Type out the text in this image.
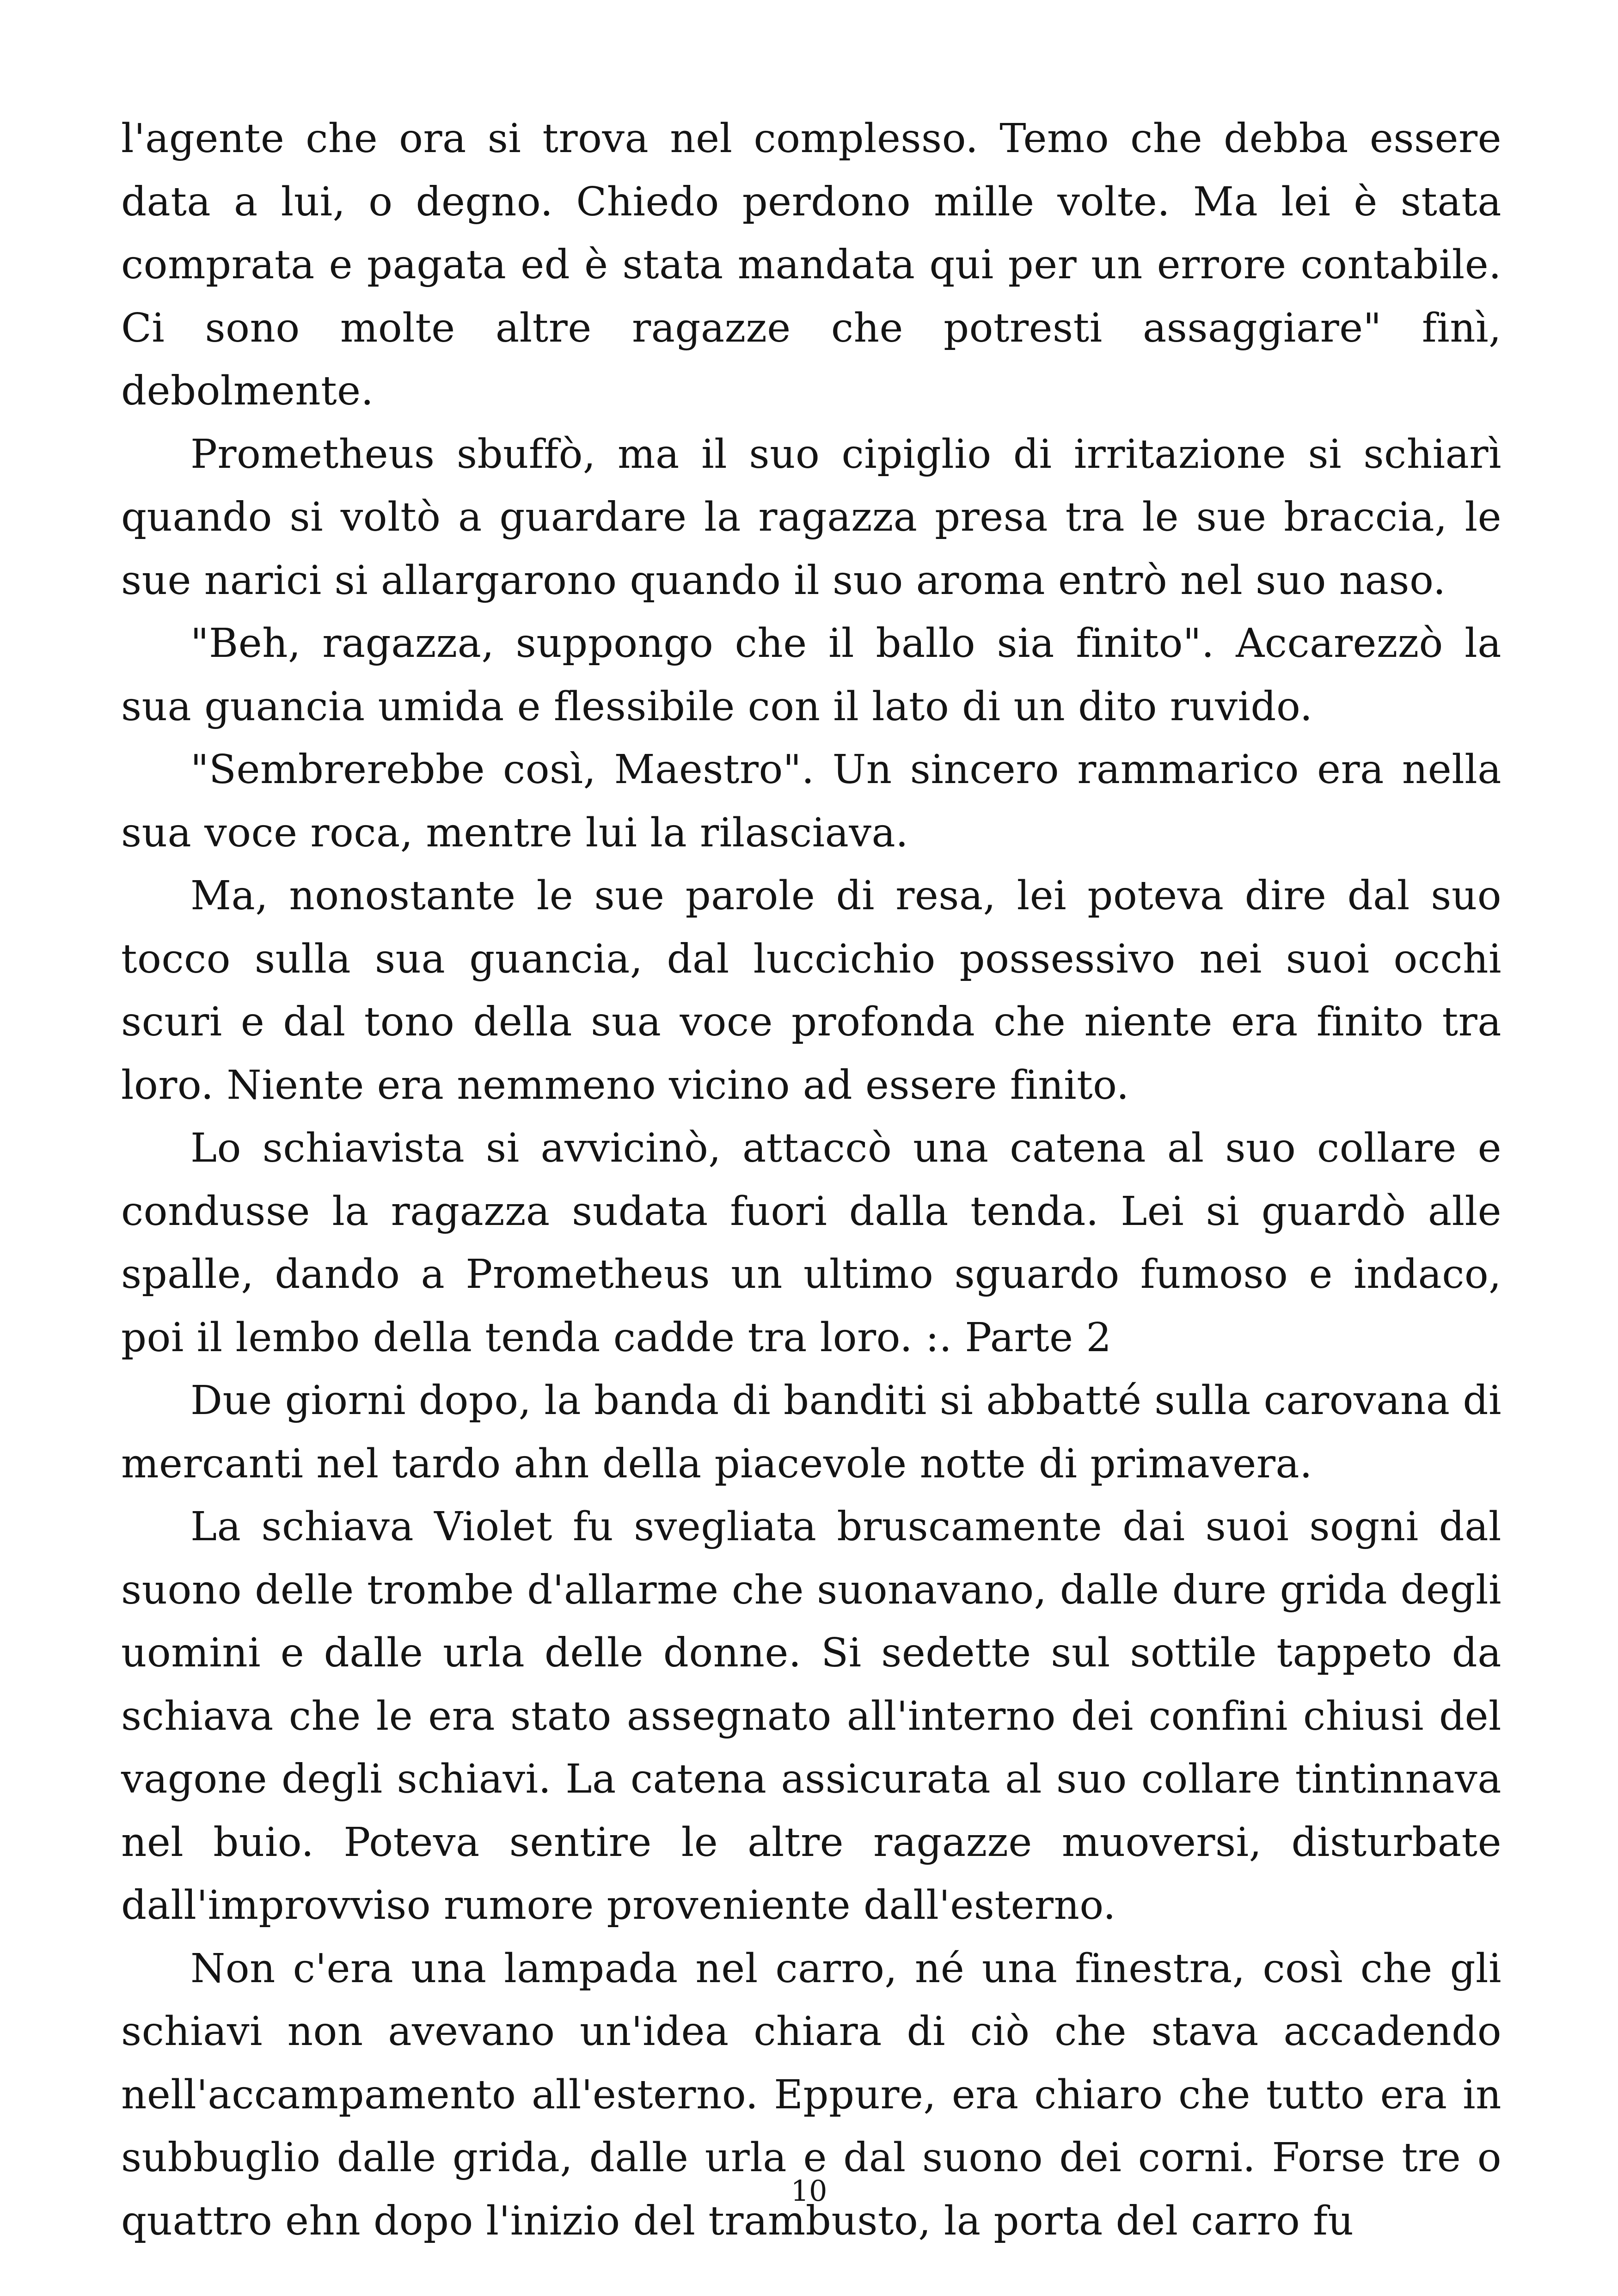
l'agente che ora si trova nel complesso. Temo che debba essere data a lui, o degno. Chiedo perdono mille volte. Ma lei è stata comprata e pagata ed è stata mandata qui per un errore contabile. Ci sono molte altre ragazze che potresti assaggiare" finì, debolmente.

Prometheus sbuffò, ma il suo cipiglio di irritazione si schiarì quando si voltò a guardare la ragazza presa tra le sue braccia, le sue narici si allargarono quando il suo aroma entrò nel suo naso.

"Beh, ragazza, suppongo che il ballo sia finito". Accarezzò la sua guancia umida e flessibile con il lato di un dito ruvido.

"Sembrerebbe così, Maestro". Un sincero rammarico era nella sua voce roca, mentre lui la rilasciava.

Ma, nonostante le sue parole di resa, lei poteva dire dal suo tocco sulla sua guancia, dal luccichio possessivo nei suoi occhi scuri e dal tono della sua voce profonda che niente era finito tra loro. Niente era nemmeno vicino ad essere finito.

Lo schiavista si avvicinò, attaccò una catena al suo collare e condusse la ragazza sudata fuori dalla tenda. Lei si guardò alle spalle, dando a Prometheus un ultimo sguardo fumoso e indaco, poi il lembo della tenda cadde tra loro. :. Parte 2

Due giorni dopo, la banda di banditi si abbatté sulla carovana di mercanti nel tardo ahn della piacevole notte di primavera.

La schiava Violet fu svegliata bruscamente dai suoi sogni dal suono delle trombe d'allarme che suonavano, dalle dure grida degli uomini e dalle urla delle donne. Si sedette sul sottile tappeto da schiava che le era stato assegnato all'interno dei confini chiusi del vagone degli schiavi. La catena assicurata al suo collare tintinnava nel buio. Poteva sentire le altre ragazze muoversi, disturbate dall'improvviso rumore proveniente dall'esterno.

Non c'era una lampada nel carro, né una finestra, così che gli schiavi non avevano un'idea chiara di ciò che stava accadendo nell'accampamento all'esterno. Eppure, era chiaro che tutto era in subbuglio dalle grida, dalle urla e dal suono dei corni. Forse tre o quattro ehn dopo l'inizio del trambusto, la porta del carro fu

10
